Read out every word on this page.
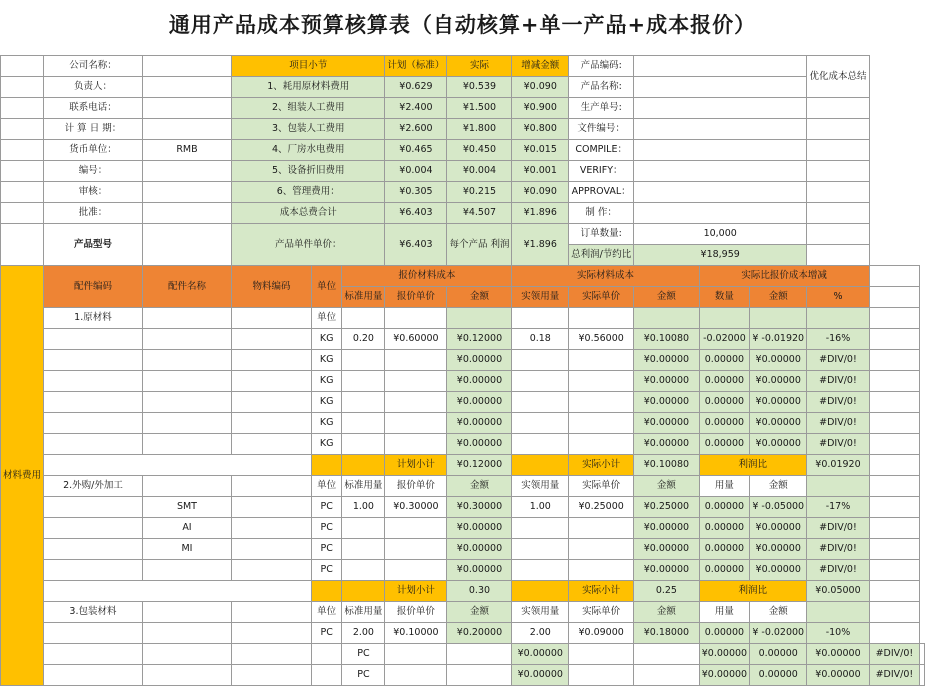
通用产品成本预算核算表（自动核算+单一产品+成本报价）
	公司名称：		项目小节			计划（标准）	实际	增减金额	产品编码:				优化成本总结		
	负责人：		1、耗用原材料费用			¥0.629	¥0.539	¥0.090	产品名称:						
	联系电话：		2、组装人工费用			¥2.400	¥1.500	¥0.900	生产单号:						
	计 算 日 期：		3、包装人工费用			¥2.600	¥1.800	¥0.800	文件编号：						
	货币单位：	RMB	4、厂房水电费用			¥0.465	¥0.450	¥0.015	COMPILE：						
	编号：		5、设备折旧费用			¥0.004	¥0.004	¥0.001	VERIFY：						
	审核：		6、管理费用：			¥0.305	¥0.215	¥0.090	APPROVAL：						
	批准：		成本总费合计			¥6.403	¥4.507	¥1.896	制 作：						
	产品型号		产品单件单价：			¥6.403	每个产品 利润	¥1.896	订单数量:	10,000					
									总利润/节约比	¥18,959					
材料费用	配件编码	配件名称	物料编码	单位	报价材料成本			实际材料成本			实际比报价成本增减				
					标准用量	报价单价	金额	实领用量	实际单价	金额	数量	金额	%		
	1.原材料			单位											
				KG	0.20	¥0.60000	¥0.12000	0.18	¥0.56000	¥0.10080	-0.02000	¥ -0.01920	-16%		
				KG			¥0.00000			¥0.00000	0.00000	¥0.00000	#DIV/0!		
				KG			¥0.00000			¥0.00000	0.00000	¥0.00000	#DIV/0!		
				KG			¥0.00000			¥0.00000	0.00000	¥0.00000	#DIV/0!		
				KG			¥0.00000			¥0.00000	0.00000	¥0.00000	#DIV/0!		
				KG			¥0.00000			¥0.00000	0.00000	¥0.00000	#DIV/0!		
						计划小计	¥0.12000		实际小计	¥0.10080	利润比		¥0.01920		
	2.外购/外加工			单位	标准用量	报价单价	金额	实领用量	实际单价	金额	用量	金额			
		SMT		PC	1.00	¥0.30000	¥0.30000	1.00	¥0.25000	¥0.25000	0.00000	¥ -0.05000	-17%		
		AI		PC			¥0.00000			¥0.00000	0.00000	¥0.00000	#DIV/0!		
		MI		PC			¥0.00000			¥0.00000	0.00000	¥0.00000	#DIV/0!		
				PC			¥0.00000			¥0.00000	0.00000	¥0.00000	#DIV/0!		
						计划小计	0.30		实际小计	0.25	利润比		¥0.05000		
	3.包装材料			单位	标准用量	报价单价	金额	实领用量	实际单价	金额	用量	金额			
				PC	2.00	¥0.10000	¥0.20000	2.00	¥0.09000	¥0.18000	0.00000	¥ -0.02000	-10%		
					PC			¥0.00000			¥0.00000	0.00000	¥0.00000	#DIV/0!	
					PC			¥0.00000			¥0.00000	0.00000	¥0.00000	#DIV/0!	
